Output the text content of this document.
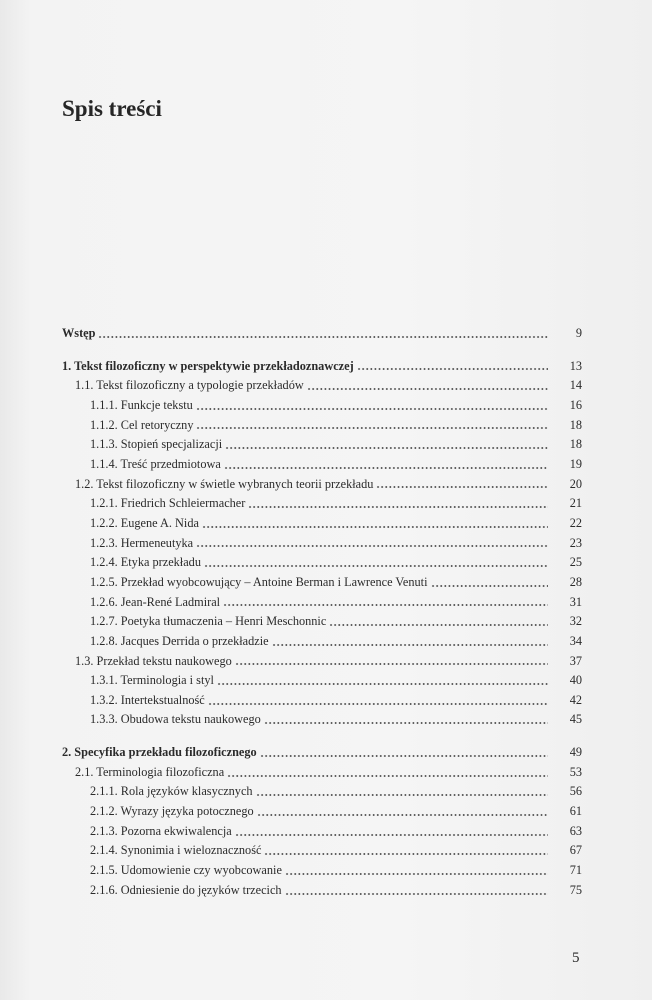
Spis treści
Wstęp	9
1. Tekst filozoficzny w perspektywie przekładoznawczej	13
1.1. Tekst filozoficzny a typologie przekładów	14
1.1.1. Funkcje tekstu	16
1.1.2. Cel retoryczny	18
1.1.3. Stopień specjalizacji	18
1.1.4. Treść przedmiotowa	19
1.2. Tekst filozoficzny w świetle wybranych teorii przekładu	20
1.2.1. Friedrich Schleiermacher	21
1.2.2. Eugene A. Nida	22
1.2.3. Hermeneutyka	23
1.2.4. Etyka przekładu	25
1.2.5. Przekład wyobcowujący – Antoine Berman i Lawrence Venuti	28
1.2.6. Jean-René Ladmiral	31
1.2.7. Poetyka tłumaczenia – Henri Meschonnic	32
1.2.8. Jacques Derrida o przekładzie	34
1.3. Przekład tekstu naukowego	37
1.3.1. Terminologia i styl	40
1.3.2. Intertekstualność	42
1.3.3. Obudowa tekstu naukowego	45
2. Specyfika przekładu filozoficznego	49
2.1. Terminologia filozoficzna	53
2.1.1. Rola języków klasycznych	56
2.1.2. Wyrazy języka potocznego	61
2.1.3. Pozorna ekwiwalencja	63
2.1.4. Synonimia i wieloznaczność	67
2.1.5. Udomowienie czy wyobcowanie	71
2.1.6. Odniesienie do języków trzecich	75
5
